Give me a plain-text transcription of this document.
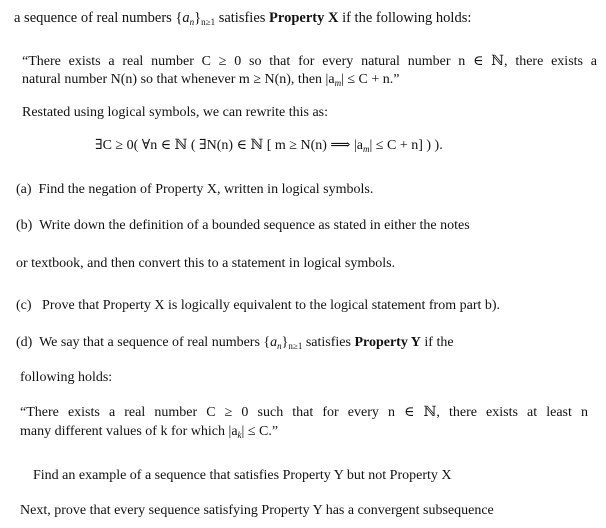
a sequence of real numbers $\{a_n\}_{n\ge 1}$ satisfies Property X if the following holds:
“There exists a real number C ≥ 0 so that for every natural number n ∈ ℕ, there exists a
natural number N(n) so that whenever m ≥ N(n), then $|a_m| \le C + n$.”
Restated using logical symbols, we can rewrite this as:
∃C ≥ 0( ∀n ∈ ℕ ( ∃N(n) ∈ ℕ [ m ≥ N(n) ⟹ $|a_m| \le C + n$] ) ).
(a) Find the negation of Property X, written in logical symbols.
(b) Write down the definition of a bounded sequence as stated in either the notes
or textbook, and then convert this to a statement in logical symbols.
(c) Prove that Property X is logically equivalent to the logical statement from part b).
(d) We say that a sequence of real numbers $\{a_n\}_{n\ge 1}$ satisfies Property Y if the
following holds:
“There exists a real number C ≥ 0 such that for every n ∈ ℕ, there exists at least n
many different values of k for which $|a_k| \le C$.”
Find an example of a sequence that satisfies Property Y but not Property X
Next, prove that every sequence satisfying Property Y has a convergent subsequence
